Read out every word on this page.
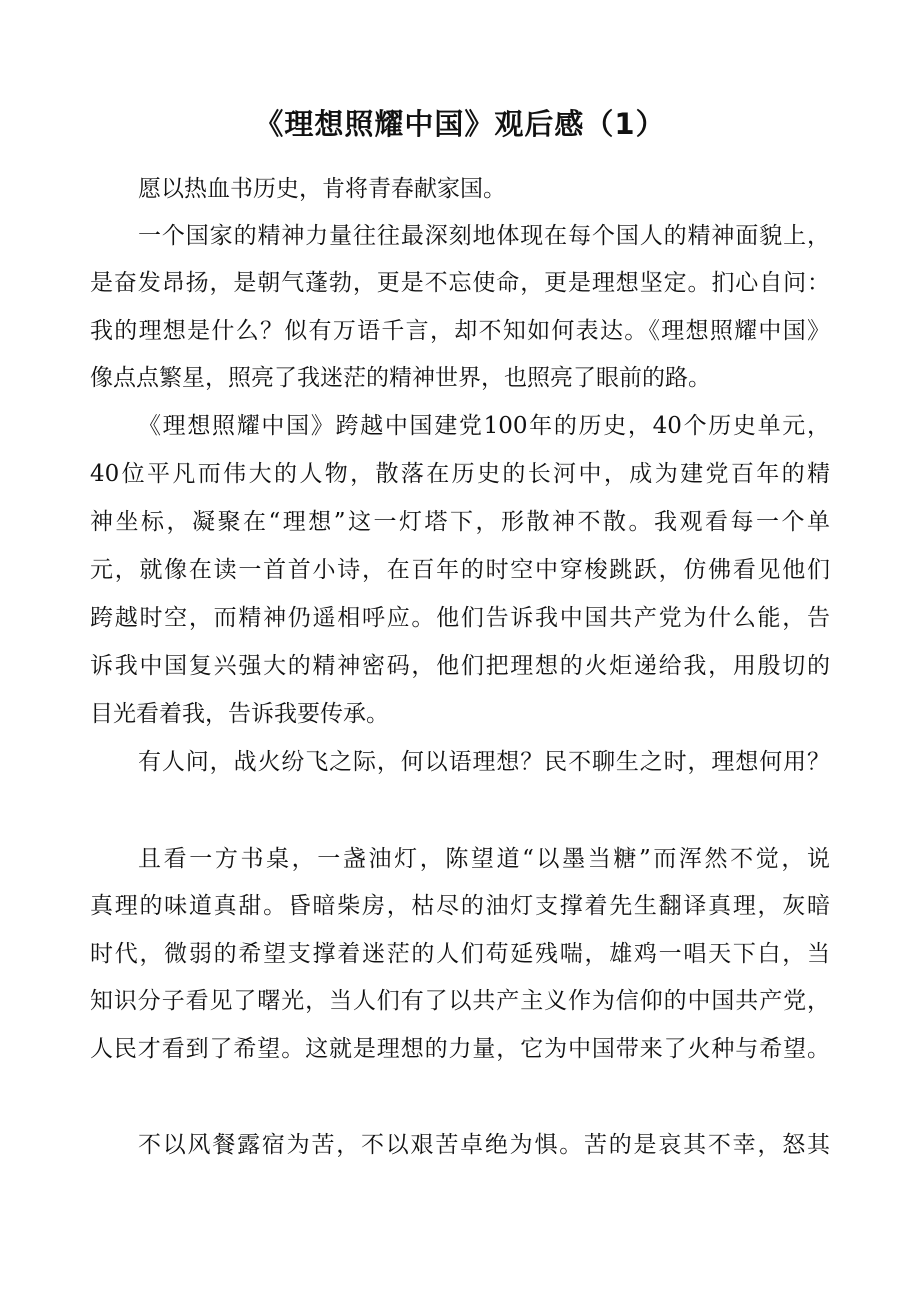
《理想照耀中国》观后感（1）

愿以热血书历史，肯将青春献家国。

一个国家的精神力量往往最深刻地体现在每个国人的精神面貌上，

是奋发昂扬，是朝气蓬勃，更是不忘使命，更是理想坚定。扪心自问：

我的理想是什么？似有万语千言，却不知如何表达。《理想照耀中国》

像点点繁星，照亮了我迷茫的精神世界，也照亮了眼前的路。

《理想照耀中国》跨越中国建党100年的历史，40个历史单元，

40位平凡而伟大的人物，散落在历史的长河中，成为建党百年的精

神坐标，凝聚在“理想”这一灯塔下，形散神不散。我观看每一个单

元，就像在读一首首小诗，在百年的时空中穿梭跳跃，仿佛看见他们

跨越时空，而精神仍遥相呼应。他们告诉我中国共产党为什么能，告

诉我中国复兴强大的精神密码，他们把理想的火炬递给我，用殷切的

目光看着我，告诉我要传承。

有人问，战火纷飞之际，何以语理想？民不聊生之时，理想何用？

且看一方书桌，一盏油灯，陈望道“以墨当糖”而浑然不觉，说

真理的味道真甜。昏暗柴房，枯尽的油灯支撑着先生翻译真理，灰暗

时代，微弱的希望支撑着迷茫的人们苟延残喘，雄鸡一唱天下白，当

知识分子看见了曙光，当人们有了以共产主义作为信仰的中国共产党，

人民才看到了希望。这就是理想的力量，它为中国带来了火种与希望。

不以风餐露宿为苦，不以艰苦卓绝为惧。苦的是哀其不幸，怒其
